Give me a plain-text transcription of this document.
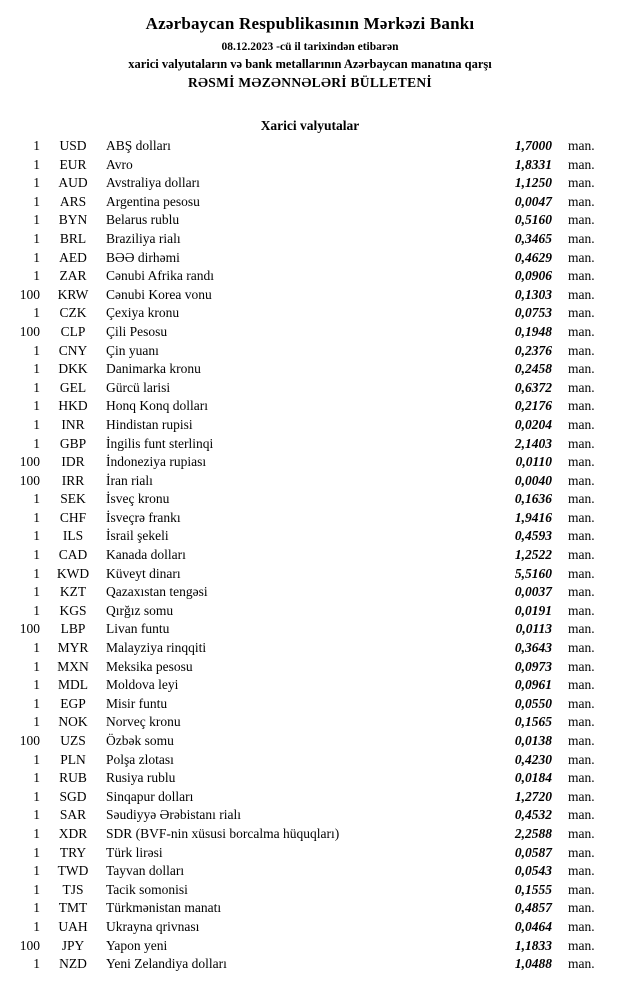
Azərbaycan Respublikasının Mərkəzi Bankı
08.12.2023 -cü il tarixindən etibarən
xarici valyutaların və bank metallarının Azərbaycan manatına qarşı
RƏSMİ MƏZƏNNƏLƏRİ BÜLLETENİ
Xarici valyutalar
1	USD	ABŞ dolları	1,7000	man.
1	EUR	Avro	1,8331	man.
1	AUD	Avstraliya dolları	1,1250	man.
1	ARS	Argentina pesosu	0,0047	man.
1	BYN	Belarus rublu	0,5160	man.
1	BRL	Braziliya rialı	0,3465	man.
1	AED	BƏƏ dirhəmi	0,4629	man.
1	ZAR	Cənubi Afrika randı	0,0906	man.
100	KRW	Cənubi Korea vonu	0,1303	man.
1	CZK	Çexiya kronu	0,0753	man.
100	CLP	Çili Pesosu	0,1948	man.
1	CNY	Çin yuanı	0,2376	man.
1	DKK	Danimarka kronu	0,2458	man.
1	GEL	Gürcü larisi	0,6372	man.
1	HKD	Honq Konq dolları	0,2176	man.
1	INR	Hindistan rupisi	0,0204	man.
1	GBP	İngilis funt sterlinqi	2,1403	man.
100	IDR	İndoneziya rupiası	0,0110	man.
100	IRR	İran rialı	0,0040	man.
1	SEK	İsveç kronu	0,1636	man.
1	CHF	İsveçrə frankı	1,9416	man.
1	ILS	İsrail şekeli	0,4593	man.
1	CAD	Kanada dolları	1,2522	man.
1	KWD	Küveyt dinarı	5,5160	man.
1	KZT	Qazaxıstan tengəsi	0,0037	man.
1	KGS	Qırğız somu	0,0191	man.
100	LBP	Livan funtu	0,0113	man.
1	MYR	Malayziya rinqqiti	0,3643	man.
1	MXN	Meksika pesosu	0,0973	man.
1	MDL	Moldova leyi	0,0961	man.
1	EGP	Misir funtu	0,0550	man.
1	NOK	Norveç kronu	0,1565	man.
100	UZS	Özbək somu	0,0138	man.
1	PLN	Polşa zlotası	0,4230	man.
1	RUB	Rusiya rublu	0,0184	man.
1	SGD	Sinqapur dolları	1,2720	man.
1	SAR	Səudiyyə Ərəbistanı rialı	0,4532	man.
1	XDR	SDR (BVF-nin xüsusi borcalma hüquqları)	2,2588	man.
1	TRY	Türk lirəsi	0,0587	man.
1	TWD	Tayvan dolları	0,0543	man.
1	TJS	Tacik somonisi	0,1555	man.
1	TMT	Türkmənistan manatı	0,4857	man.
1	UAH	Ukrayna qrivnası	0,0464	man.
100	JPY	Yapon yeni	1,1833	man.
1	NZD	Yeni Zelandiya dolları	1,0488	man.
